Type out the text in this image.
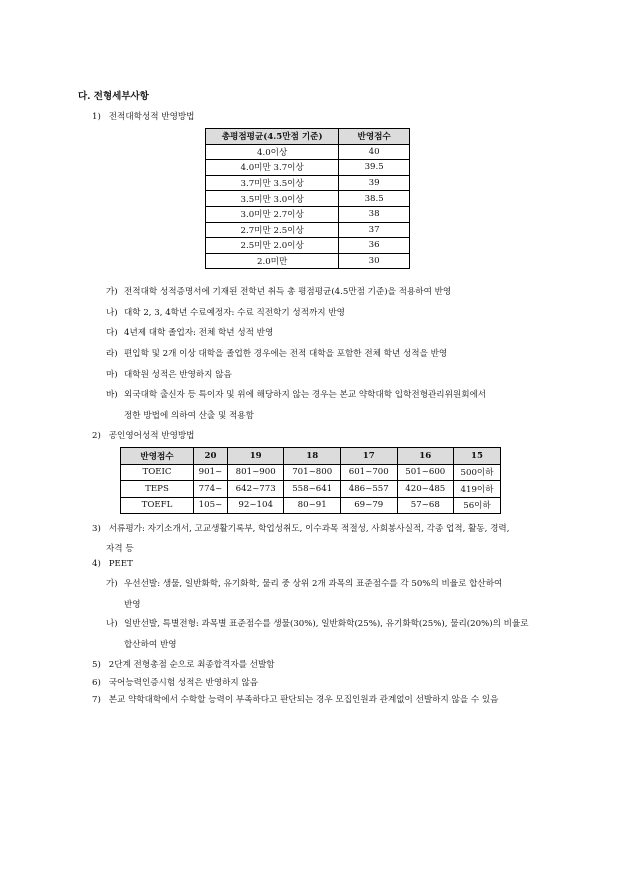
다. 전형세부사항
1) 전적대학성적 반영방법
총평점평균(4.5만점 기준)	반영점수
4.0이상	40
4.0미만 3.7이상	39.5
3.7미만 3.5이상	39
3.5미만 3.0이상	38.5
3.0미만 2.7이상	38
2.7미만 2.5이상	37
2.5미만 2.0이상	36
2.0미만	30
가) 전적대학 성적증명서에 기재된 전학년 취득 총 평점평균(4.5만점 기준)을 적용하여 반영
나) 대학 2, 3, 4학년 수료예정자: 수료 직전학기 성적까지 반영
다) 4년제 대학 졸업자: 전체 학년 성적 반영
라) 편입학 및 2개 이상 대학을 졸업한 경우에는 전적 대학을 포함한 전체 학년 성적을 반영
마) 대학원 성적은 반영하지 않음
바) 외국대학 출신자 등 특이자 및 위에 해당하지 않는 경우는 본교 약학대학 입학전형관리위원회에서
정한 방법에 의하여 산출 및 적용함
2) 공인영어성적 반영방법
반영점수	20	19	18	17	16	15
TOEIC	901~	801~900	701~800	601~700	501~600	500이하
TEPS	774~	642~773	558~641	486~557	420~485	419이하
TOEFL	105~	92~104	80~91	69~79	57~68	56이하
3) 서류평가: 자기소개서, 고교생활기록부, 학업성취도, 이수과목 적절성, 사회봉사실적, 각종 업적, 활동, 경력,
자격 등
4) PEET
가) 우선선발: 생물, 일반화학, 유기화학, 물리 중 상위 2개 과목의 표준점수를 각 50%의 비율로 합산하여
반영
나) 일반선발, 특별전형: 과목별 표준점수를 생물(30%), 일반화학(25%), 유기화학(25%), 물리(20%)의 비율로
합산하여 반영
5) 2단계 전형총점 순으로 최종합격자를 선발함
6) 국어능력인증시험 성적은 반영하지 않음
7) 본교 약학대학에서 수학할 능력이 부족하다고 판단되는 경우 모집인원과 관계없이 선발하지 않을 수 있음
